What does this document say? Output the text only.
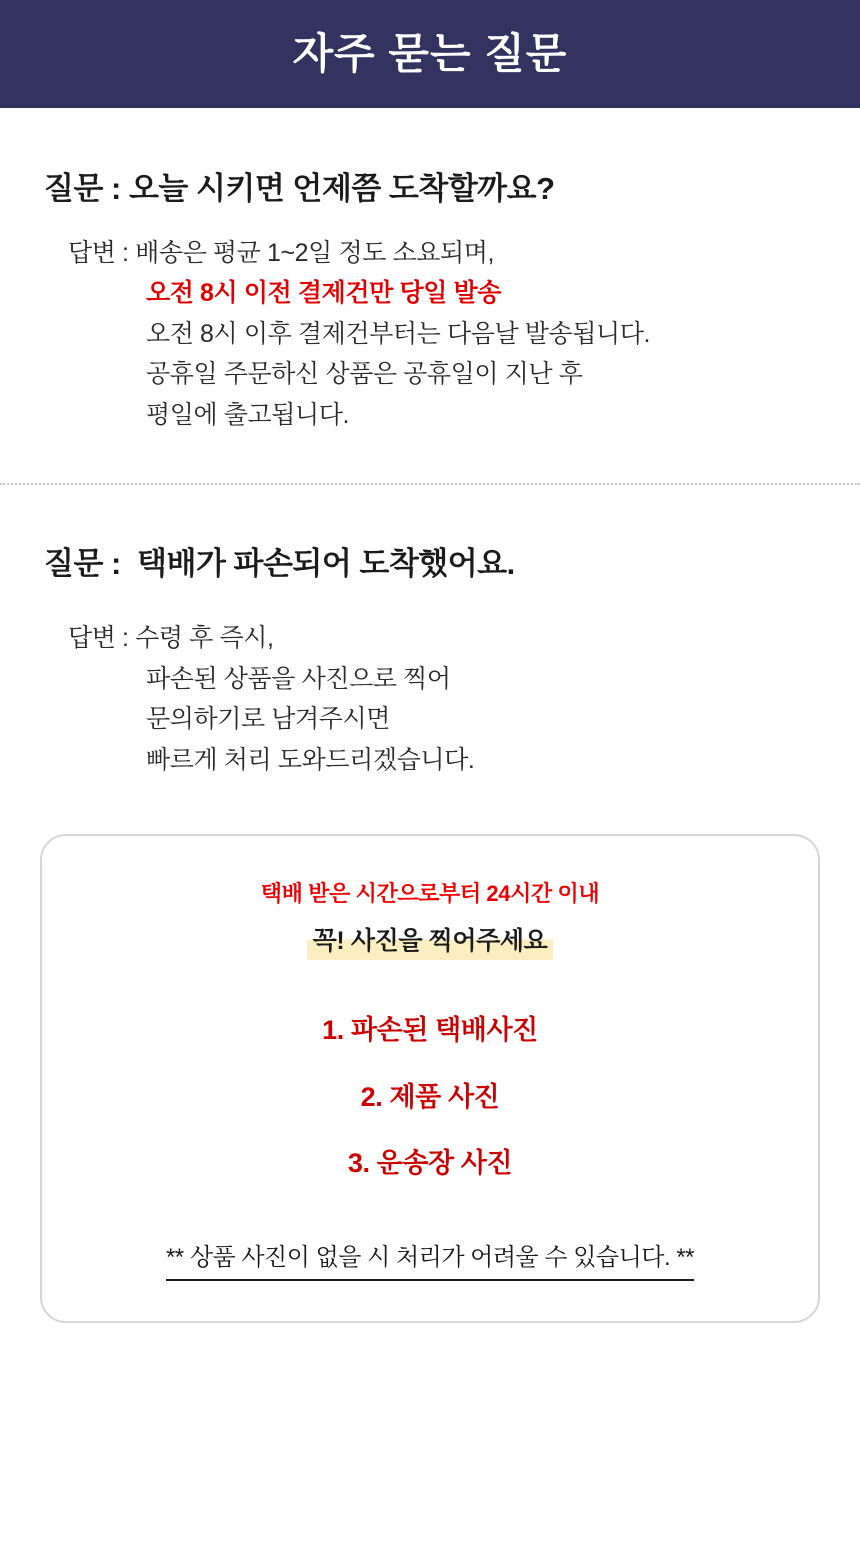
자주 묻는 질문
질문 : 오늘 시키면 언제쯤 도착할까요?
답변 : 배송은 평균 1~2일 정도 소요되며,
오전 8시 이전 결제건만 당일 발송
오전 8시 이후 결제건부터는 다음날 발송됩니다.
공휴일 주문하신 상품은 공휴일이 지난 후
평일에 출고됩니다.
질문 :  택배가 파손되어 도착했어요.
답변 : 수령 후 즉시,
파손된 상품을 사진으로 찍어
문의하기로 남겨주시면
빠르게 처리 도와드리겠습니다.
택배 받은 시간으로부터 24시간 이내
꼭! 사진을 찍어주세요
1. 파손된 택배사진
2. 제품 사진
3. 운송장 사진
** 상품 사진이 없을 시 처리가 어려울 수 있습니다. **
